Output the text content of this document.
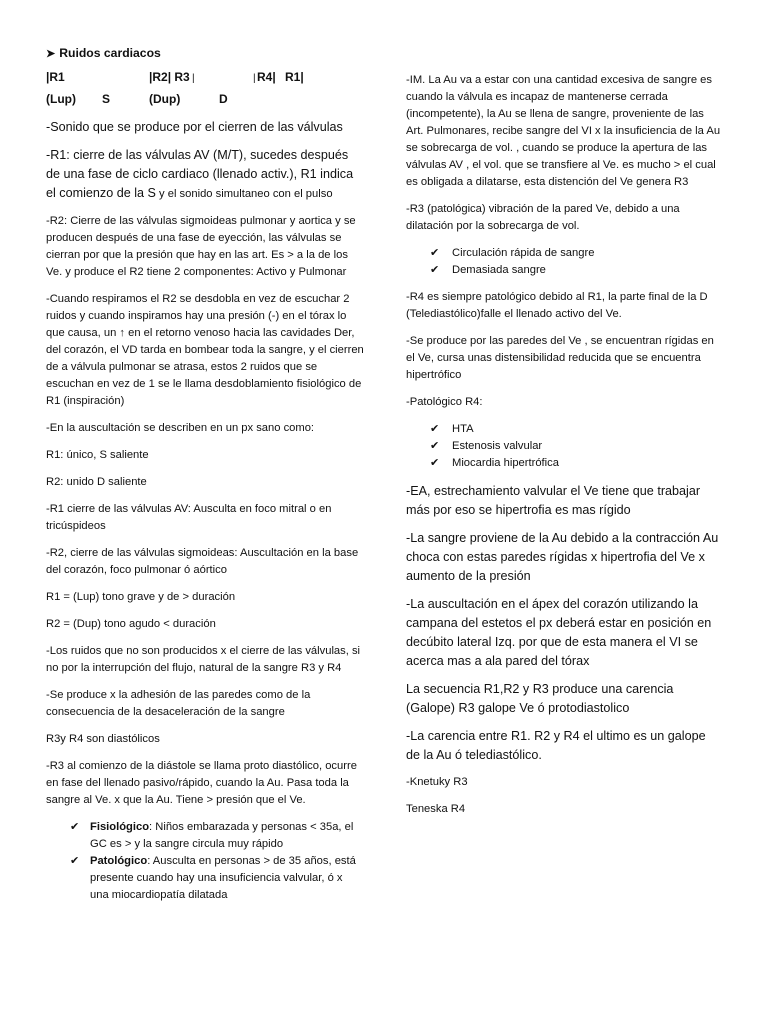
➤ Ruidos cardiacos
|R1	|R2| R3 |	| R4| R1|
(Lup) S	(Dup)	D

-Sonido que se produce por el cierren de las válvulas

-R1: cierre de las válvulas AV (M/T), sucedes después de una fase de ciclo cardiaco (llenado activ.), R1 indica el comienzo de la S y el sonido simultaneo con el pulso

-R2: Cierre de las válvulas sigmoideas pulmonar y aortica y se producen después de una fase de eyección, las válvulas se cierran por que la presión que hay en las art. Es > a la de los Ve. y produce el R2 tiene 2 componentes: Activo y Pulmonar

-Cuando respiramos el R2 se desdobla en vez de escuchar 2 ruidos y cuando inspiramos hay una presión (-) en el tórax lo que causa, un ↑ en el retorno venoso hacia las cavidades Der, del corazón, el VD tarda en bombear toda la sangre, y el cierren de a válvula pulmonar se atrasa, estos 2 ruidos que se escuchan en vez de 1 se le llama desdoblamiento fisiológico de R1 (inspiración)

-En la auscultación se describen en un px sano como:

R1: único, S saliente

R2: unido D saliente

-R1 cierre de las válvulas AV: Ausculta en foco mitral o en tricúspideos

-R2, cierre de las válvulas sigmoideas: Auscultación en la base del corazón, foco pulmonar ó aórtico

R1 = (Lup) tono grave y de > duración

R2 = (Dup) tono agudo < duración

-Los ruidos que no son producidos x el cierre de las válvulas, si no por la interrupción del flujo, natural de la sangre R3 y R4

-Se produce x la adhesión de las paredes como de la consecuencia de la desaceleración de la sangre

R3y R4 son diastólicos

-R3 al comienzo de la diástole se llama proto diastólico, ocurre en fase del llenado pasivo/rápido, cuando la Au. Pasa toda la sangre al Ve. x que la Au. Tiene > presión que el Ve.

✔ Fisiológico: Niños embarazada y personas < 35a, el GC es > y la sangre circula muy rápido
✔ Patológico: Ausculta en personas > de 35 años, está presente cuando hay una insuficiencia valvular, ó x una miocardiopatía dilatada

-IM. La Au va a estar con una cantidad excesiva de sangre es cuando la válvula es incapaz de mantenerse cerrada (incompetente), la Au se llena de sangre, proveniente de las Art. Pulmonares, recibe sangre del VI x la insuficiencia de la Au se sobrecarga de vol. , cuando se produce la apertura de las válvulas AV , el vol. que se transfiere al Ve. es mucho > el cual es obligada a dilatarse, esta distención del Ve genera R3

-R3 (patológica) vibración de la pared Ve, debido a una dilatación por la sobrecarga de vol.

✔ Circulación rápida de sangre
✔ Demasiada sangre

-R4 es siempre patológico debido al R1, la parte final de la D (Telediastólico)falle el llenado activo del Ve.

-Se produce por las paredes del Ve , se encuentran rígidas en el Ve, cursa unas distensibilidad reducida que se encuentra hipertrófico

-Patológico R4:

✔ HTA
✔ Estenosis valvular
✔ Miocardia hipertrófica

-EA, estrechamiento valvular el Ve tiene que trabajar más por eso se hipertrofia es mas rígido

-La sangre proviene de la Au debido a la contracción Au choca con estas paredes rígidas x hipertrofia del Ve x aumento de la presión

-La auscultación en el ápex del corazón utilizando la campana del estetos el px deberá estar en posición en decúbito lateral Izq. por que de esta manera el VI se acerca mas a ala pared del tórax

La secuencia R1,R2 y R3 produce una carencia (Galope) R3 galope Ve ó protodiastolico

-La carencia entre R1. R2 y R4 el ultimo es un galope de la Au ó telediastólico.

-Knetuky R3

Teneska R4
